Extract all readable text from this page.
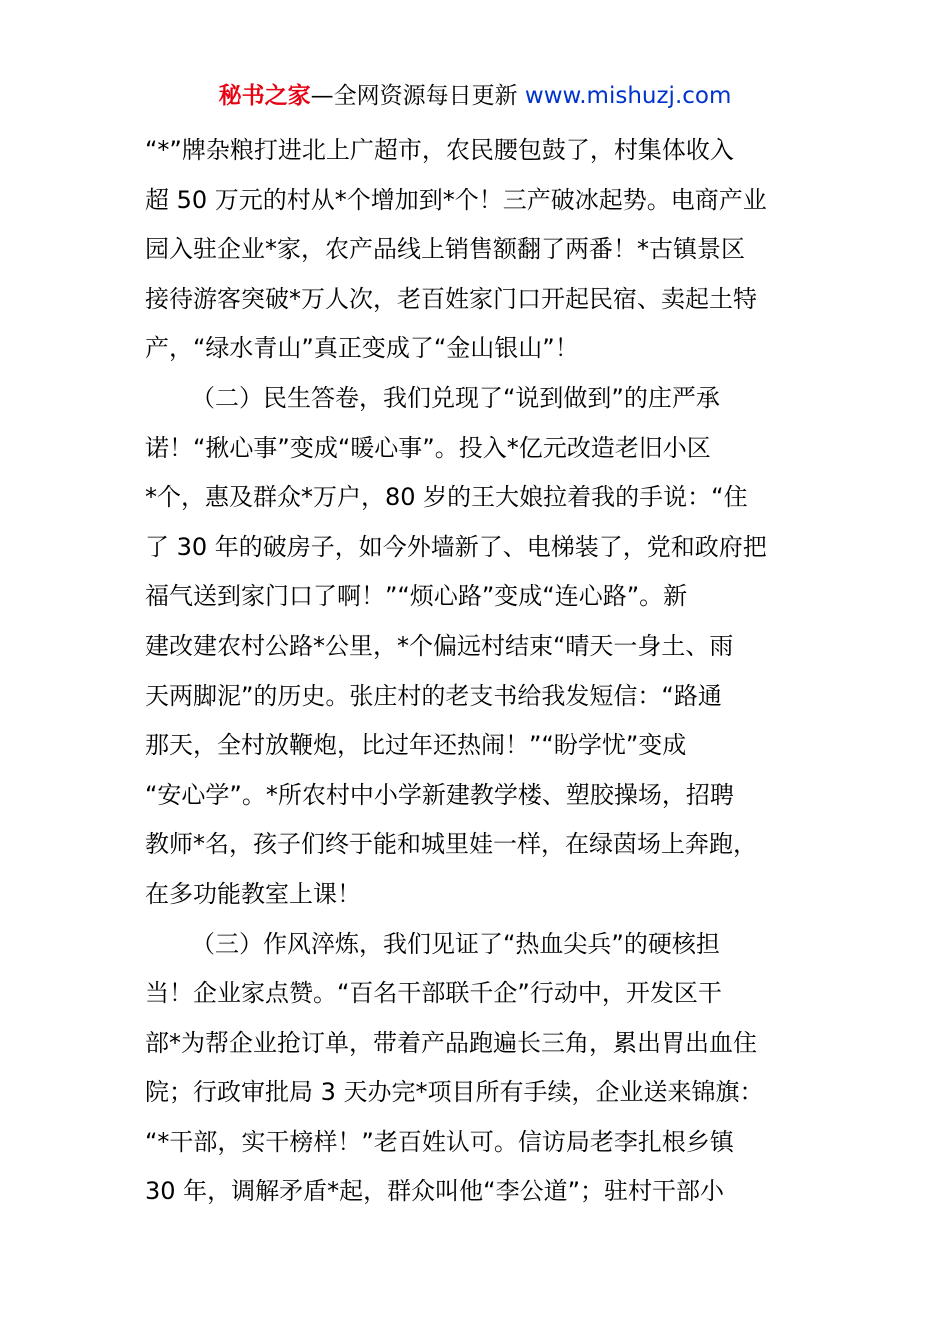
秘书之家—全网资源每日更新 www.mishuzj.com
“*”牌杂粮打进北上广超市，农民腰包鼓了，村集体收入
超 50 万元的村从*个增加到*个！三产破冰起势。电商产业
园入驻企业*家，农产品线上销售额翻了两番！*古镇景区
接待游客突破*万人次，老百姓家门口开起民宿、卖起土特
产，“绿水青山”真正变成了“金山银山”！
（二）民生答卷，我们兑现了“说到做到”的庄严承
诺！“揪心事”变成“暖心事”。投入*亿元改造老旧小区
*个，惠及群众*万户，80 岁的王大娘拉着我的手说：“住
了 30 年的破房子，如今外墙新了、电梯装了，党和政府把
福气送到家门口了啊！”“烦心路”变成“连心路”。新
建改建农村公路*公里，*个偏远村结束“晴天一身土、雨
天两脚泥”的历史。张庄村的老支书给我发短信：“路通
那天，全村放鞭炮，比过年还热闹！”“盼学忧”变成
“安心学”。*所农村中小学新建教学楼、塑胶操场，招聘
教师*名，孩子们终于能和城里娃一样，在绿茵场上奔跑，
在多功能教室上课！
（三）作风淬炼，我们见证了“热血尖兵”的硬核担
当！企业家点赞。“百名干部联千企”行动中，开发区干
部*为帮企业抢订单，带着产品跑遍长三角，累出胃出血住
院；行政审批局 3 天办完*项目所有手续，企业送来锦旗：
“*干部，实干榜样！”老百姓认可。信访局老李扎根乡镇
30 年，调解矛盾*起，群众叫他“李公道”；驻村干部小
